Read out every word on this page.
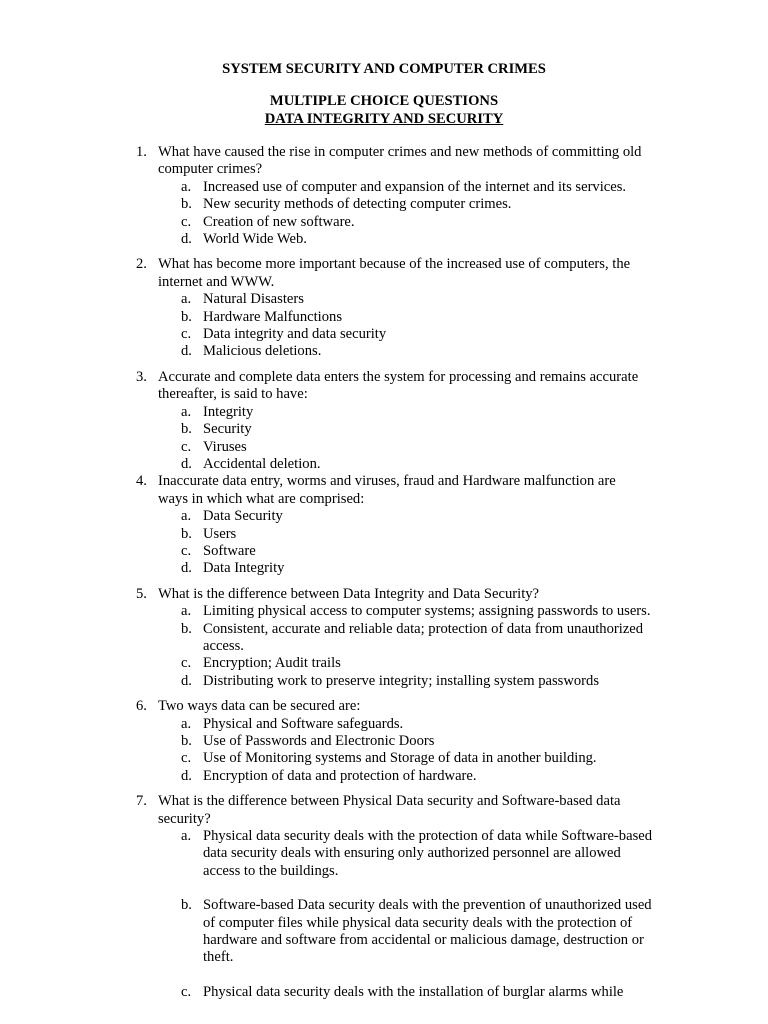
SYSTEM SECURITY AND COMPUTER CRIMES
MULTIPLE CHOICE QUESTIONS
DATA INTEGRITY AND SECURITY
1. What have caused the rise in computer crimes and new methods of committing old computer crimes?
a. Increased use of computer and expansion of the internet and its services.
b. New security methods of detecting computer crimes.
c. Creation of new software.
d. World Wide Web.
2. What has become more important because of the increased use of computers, the internet and WWW.
a. Natural Disasters
b. Hardware Malfunctions
c. Data integrity and data security
d. Malicious deletions.
3. Accurate and complete data enters the system for processing and remains accurate thereafter, is said to have:
a. Integrity
b. Security
c. Viruses
d. Accidental deletion.
4. Inaccurate data entry, worms and viruses, fraud and Hardware malfunction are ways in which what are comprised:
a. Data Security
b. Users
c. Software
d. Data Integrity
5. What is the difference between Data Integrity and Data Security?
a. Limiting physical access to computer systems; assigning passwords to users.
b. Consistent, accurate and reliable data; protection of data from unauthorized access.
c. Encryption; Audit trails
d. Distributing work to preserve integrity; installing system passwords
6. Two ways data can be secured are:
a. Physical and Software safeguards.
b. Use of Passwords and Electronic Doors
c. Use of Monitoring systems and Storage of data in another building.
d. Encryption of data and protection of hardware.
7. What is the difference between Physical Data security and Software-based data security?
a. Physical data security deals with the protection of data while Software-based data security deals with ensuring only authorized personnel are allowed access to the buildings.
b. Software-based Data security deals with the prevention of unauthorized used of computer files while physical data security deals with the protection of hardware and software from accidental or malicious damage, destruction or theft.
c. Physical data security deals with the installation of burglar alarms while
